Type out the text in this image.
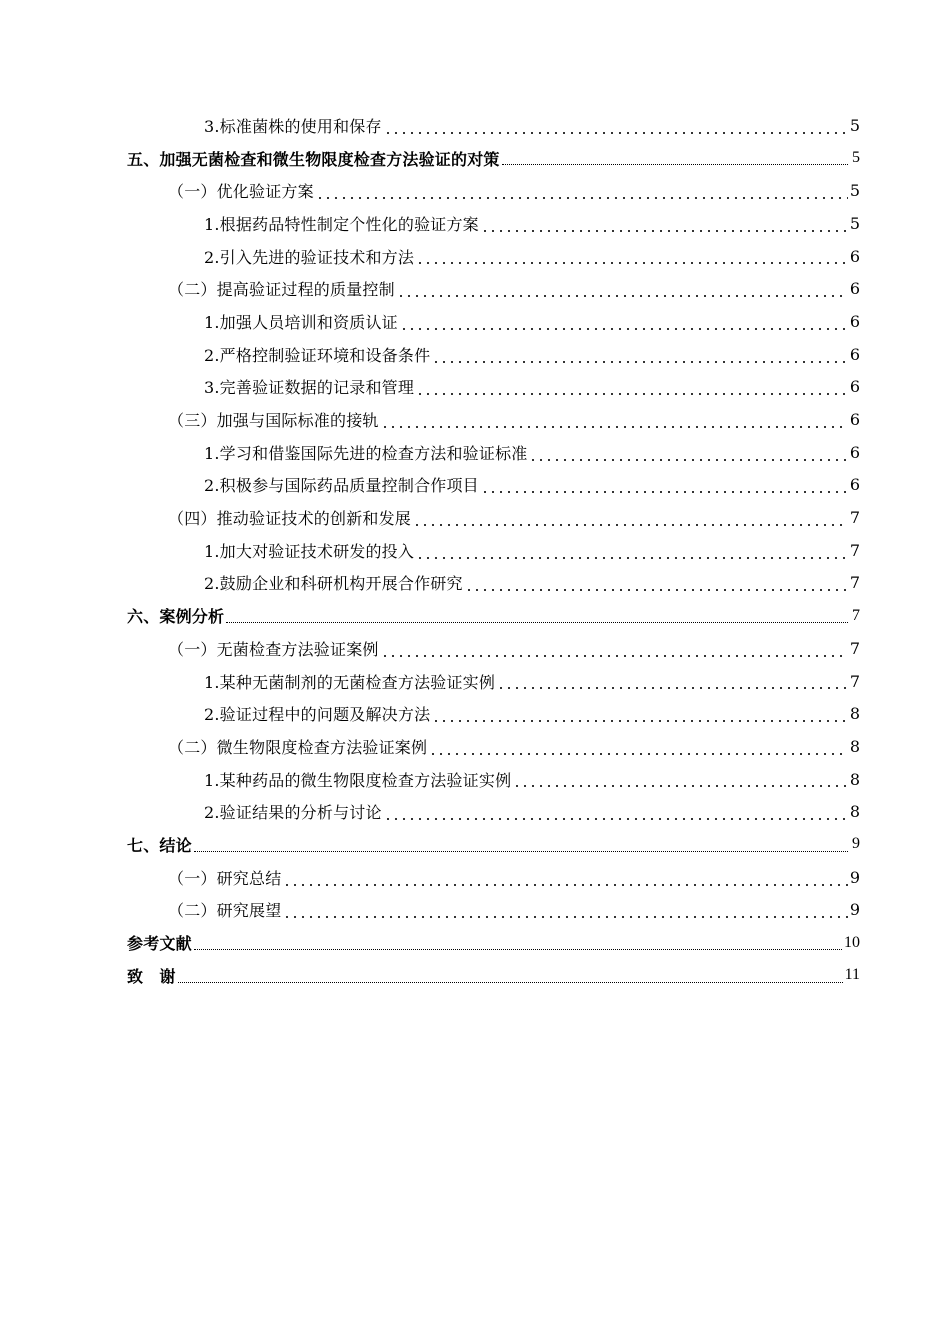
3.标准菌株的使用和保存	5
五、加强无菌检查和微生物限度检查方法验证的对策	5
（一）优化验证方案	5
1.根据药品特性制定个性化的验证方案	5
2.引入先进的验证技术和方法	6
（二）提高验证过程的质量控制	6
1.加强人员培训和资质认证	6
2.严格控制验证环境和设备条件	6
3.完善验证数据的记录和管理	6
（三）加强与国际标准的接轨	6
1.学习和借鉴国际先进的检查方法和验证标准	6
2.积极参与国际药品质量控制合作项目	6
（四）推动验证技术的创新和发展	7
1.加大对验证技术研发的投入	7
2.鼓励企业和科研机构开展合作研究	7
六、案例分析	7
（一）无菌检查方法验证案例	7
1.某种无菌制剂的无菌检查方法验证实例	7
2.验证过程中的问题及解决方法	8
（二）微生物限度检查方法验证案例	8
1.某种药品的微生物限度检查方法验证实例	8
2.验证结果的分析与讨论	8
七、结论	9
（一）研究总结	9
（二）研究展望	9
参考文献	10
致　谢	11
